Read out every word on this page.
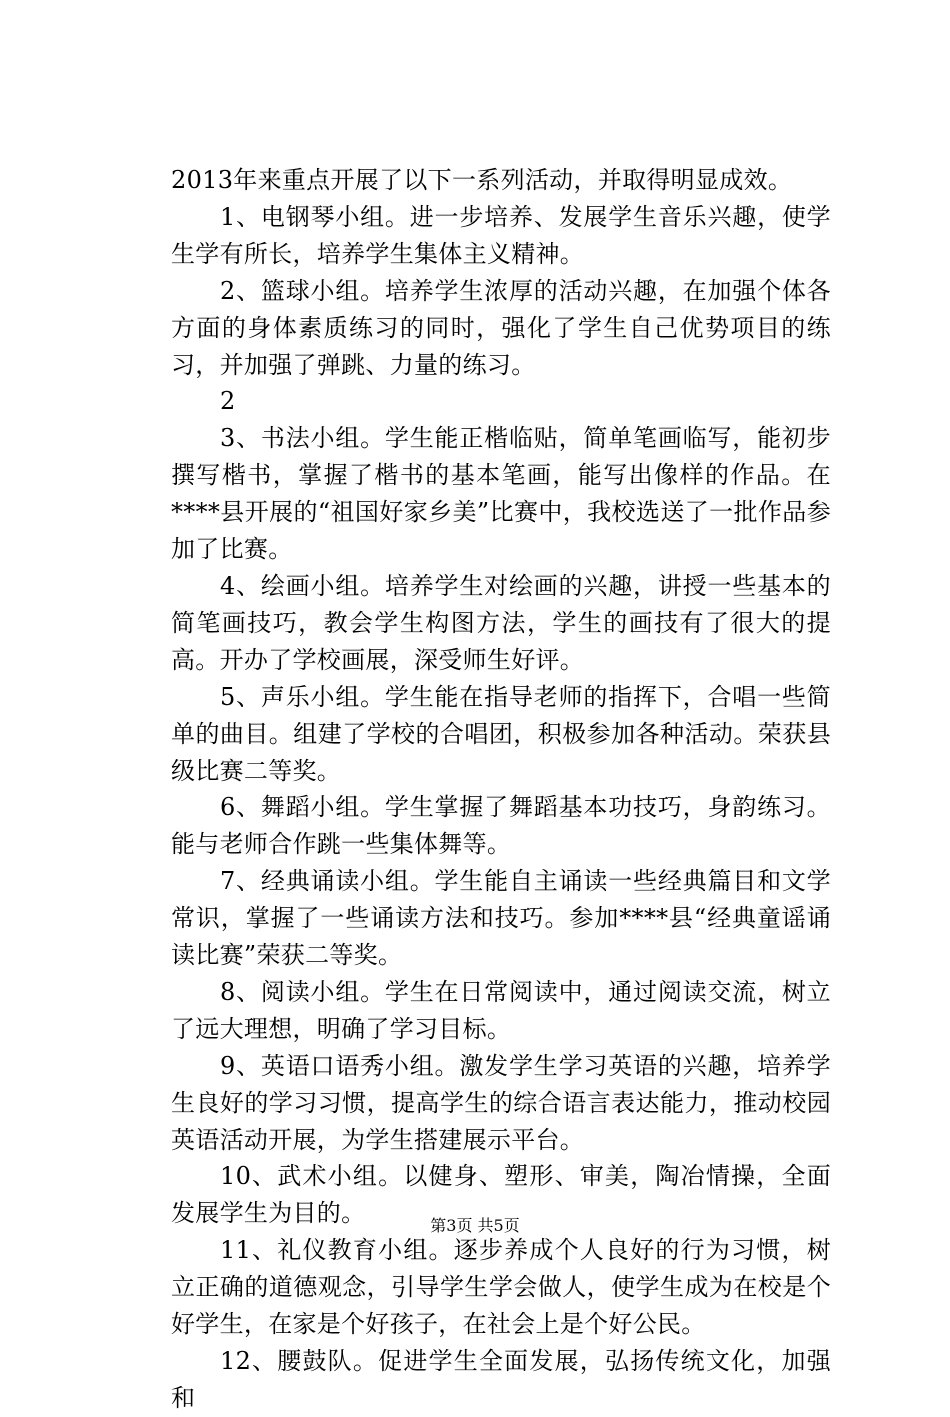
2013年来重点开展了以下一系列活动，并取得明显成效。

1、电钢琴小组。进一步培养、发展学生音乐兴趣，使学生学有所长，培养学生集体主义精神。

2、篮球小组。培养学生浓厚的活动兴趣，在加强个体各方面的身体素质练习的同时，强化了学生自己优势项目的练习，并加强了弹跳、力量的练习。

2

3、书法小组。学生能正楷临贴，简单笔画临写，能初步撰写楷书，掌握了楷书的基本笔画，能写出像样的作品。在****县开展的“祖国好家乡美”比赛中，我校选送了一批作品参加了比赛。

4、绘画小组。培养学生对绘画的兴趣，讲授一些基本的简笔画技巧，教会学生构图方法，学生的画技有了很大的提高。开办了学校画展，深受师生好评。

5、声乐小组。学生能在指导老师的指挥下，合唱一些简单的曲目。组建了学校的合唱团，积极参加各种活动。荣获县级比赛二等奖。

6、舞蹈小组。学生掌握了舞蹈基本功技巧，身韵练习。能与老师合作跳一些集体舞等。

7、经典诵读小组。学生能自主诵读一些经典篇目和文学常识，掌握了一些诵读方法和技巧。参加****县“经典童谣诵读比赛”荣获二等奖。

8、阅读小组。学生在日常阅读中，通过阅读交流，树立了远大理想，明确了学习目标。

9、英语口语秀小组。激发学生学习英语的兴趣，培养学生良好的学习习惯，提高学生的综合语言表达能力，推动校园英语活动开展，为学生搭建展示平台。

10、武术小组。以健身、塑形、审美，陶冶情操，全面发展学生为目的。

11、礼仪教育小组。逐步养成个人良好的行为习惯，树立正确的道德观念，引导学生学会做人，使学生成为在校是个好学生，在家是个好孩子，在社会上是个好公民。

12、腰鼓队。促进学生全面发展，弘扬传统文化，加强和

第3页 共5页
